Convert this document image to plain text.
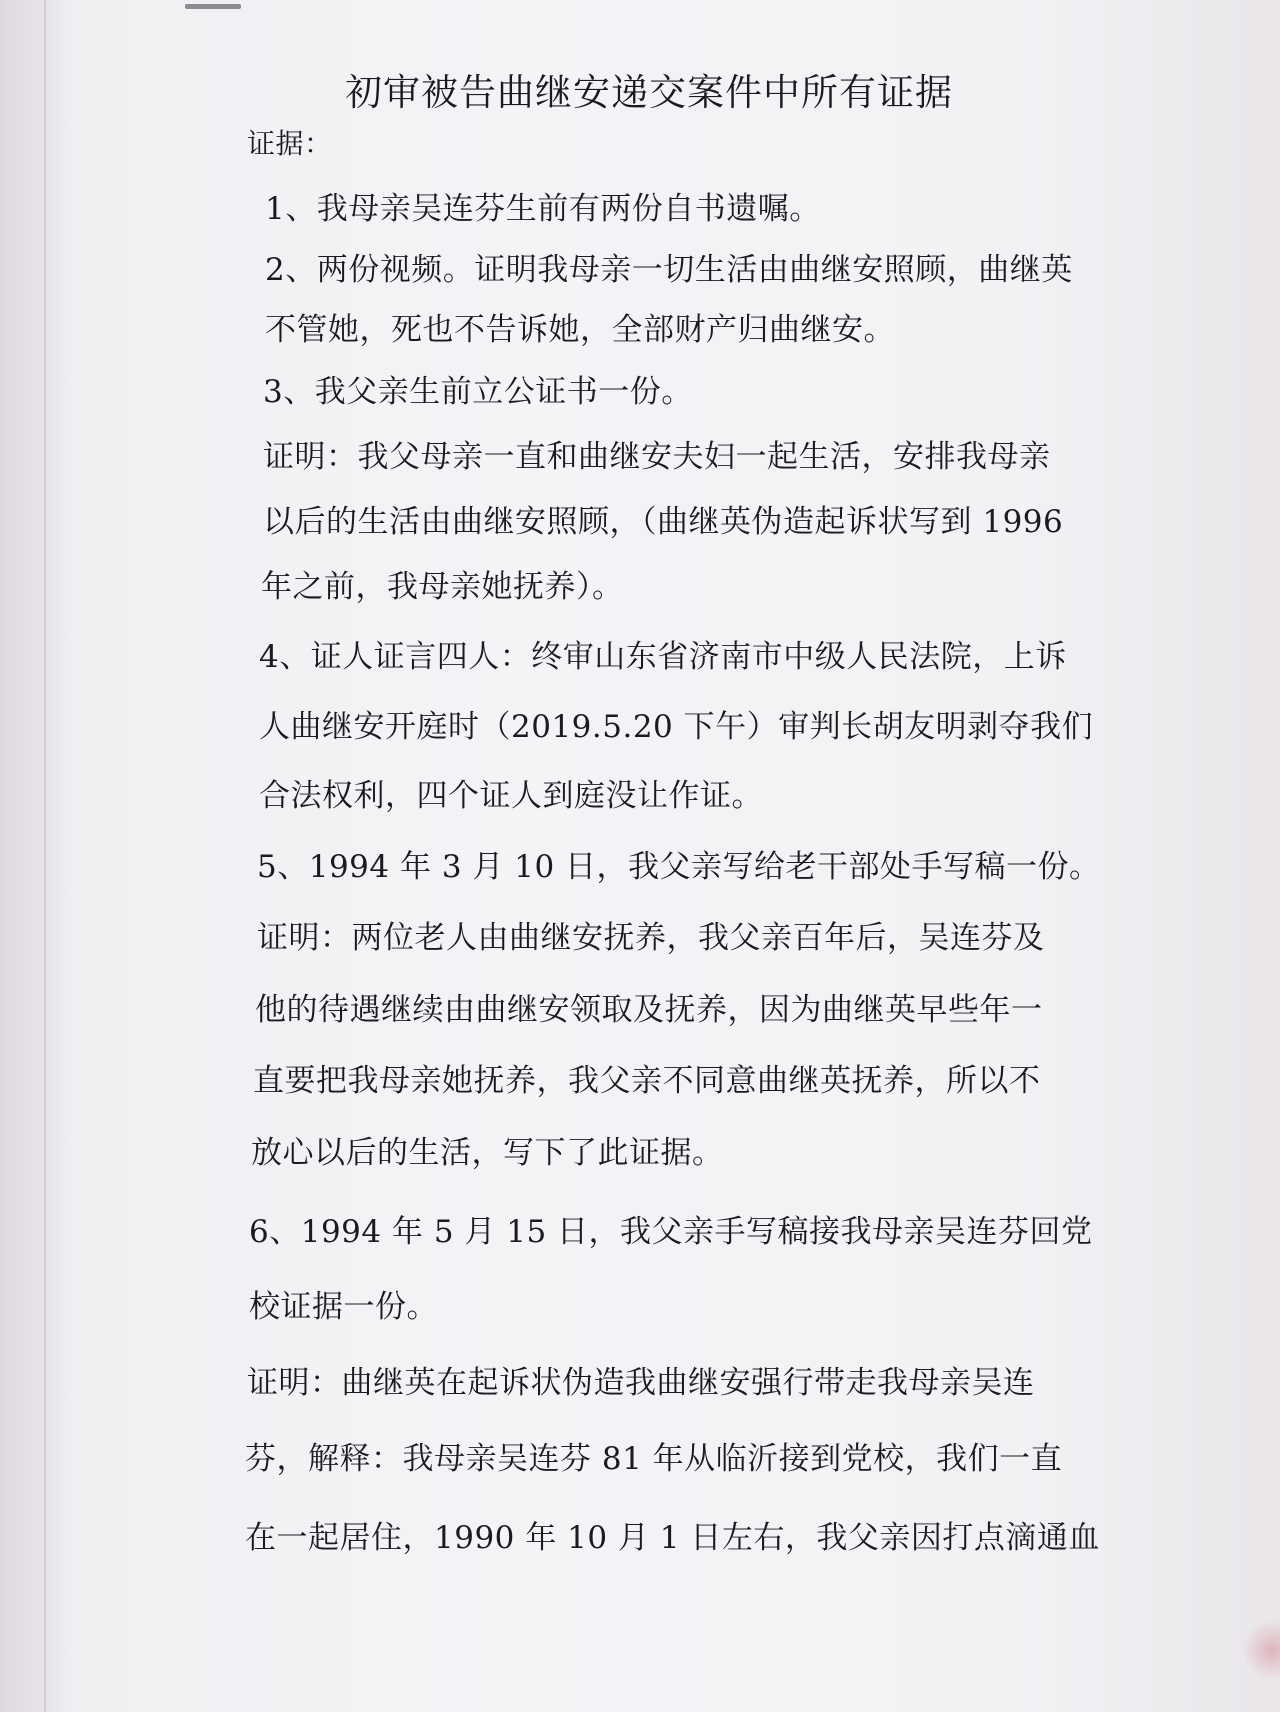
初审被告曲继安递交案件中所有证据
证据：
1、我母亲吴连芬生前有两份自书遗嘱。
2、两份视频。证明我母亲一切生活由曲继安照顾，曲继英
不管她，死也不告诉她，全部财产归曲继安。
3、我父亲生前立公证书一份。
证明：我父母亲一直和曲继安夫妇一起生活，安排我母亲
以后的生活由曲继安照顾，（曲继英伪造起诉状写到 1996
年之前，我母亲她抚养）。
4、证人证言四人：终审山东省济南市中级人民法院，上诉
人曲继安开庭时（2019.5.20 下午）审判长胡友明剥夺我们
合法权利，四个证人到庭没让作证。
5、1994 年 3 月 10 日，我父亲写给老干部处手写稿一份。
证明：两位老人由曲继安抚养，我父亲百年后，吴连芬及
他的待遇继续由曲继安领取及抚养，因为曲继英早些年一
直要把我母亲她抚养，我父亲不同意曲继英抚养，所以不
放心以后的生活，写下了此证据。
6、1994 年 5 月 15 日，我父亲手写稿接我母亲吴连芬回党
校证据一份。
证明：曲继英在起诉状伪造我曲继安强行带走我母亲吴连
芬，解释：我母亲吴连芬 81 年从临沂接到党校，我们一直
在一起居住，1990 年 10 月 1 日左右，我父亲因打点滴通血
